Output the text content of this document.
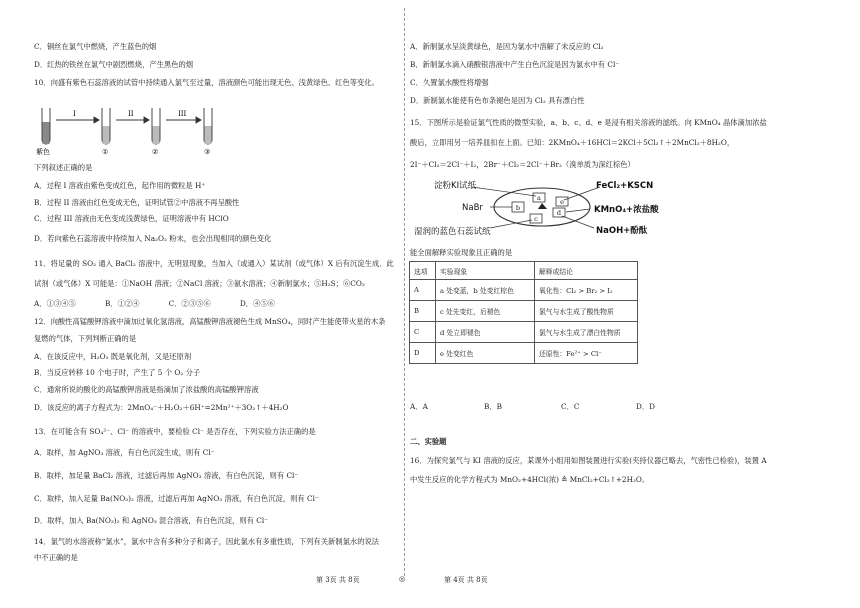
C．铜丝在氯气中燃烧，产生蓝色的烟
D．红热的铁丝在氯气中剧烈燃烧，产生黑色的烟
10．向盛有紫色石蕊溶液的试管中持续通入氯气至过量，溶液颜色可能出现无色、浅黄绿色、红色等变化。
I	II	III
紫色	①	②	③
下列叙述正确的是
A．过程 I 溶液由紫色变成红色，起作用的微粒是 H⁺
B．过程 II 溶液由红色变成无色，证明试管②中溶液不再呈酸性
C．过程 III 溶液由无色变成浅黄绿色，证明溶液中有 HClO
D．若向紫色石蕊溶液中持续加入 Na₂O₂ 粉末，也会出现相同的颜色变化
11．将足量的 SO₂ 通入 BaCl₂ 溶液中，无明显现象，当加入（或通入）某试剂（或气体）X 后有沉淀生成．此
试剂（或气体）X 可能是：①NaOH 溶液；②NaCl 溶液；③氨水溶液；④新制氯水；⑤H₂S；⑥CO₂
A．①③④⑤　　　　B．①②④　　　　C．②③⑤⑥　　　　D．④⑤⑥
12．向酸性高锰酸钾溶液中滴加过氧化氢溶液，高锰酸钾溶液褪色生成 MnSO₄，同时产生能使带火星的木条
复燃的气体，下列判断正确的是
A．在该反应中，H₂O₂ 既是氧化剂，又是还原剂
B．当反应转移 10 个电子时，产生了 5 个 O₂ 分子
C．通常所说的酸化的高锰酸钾溶液是指滴加了浓盐酸的高锰酸钾溶液
D．该反应的离子方程式为：2MnO₄⁻＋H₂O₂＋6H⁺=2Mn²⁺＋3O₂↑＋4H₂O
13．在可能含有 SO₄²⁻、Cl⁻ 的溶液中，要检验 Cl⁻ 是否存在，下列实验方法正确的是
A．取样，加 AgNO₃ 溶液，有白色沉淀生成，则有 Cl⁻
B．取样，加足量 BaCl₂ 溶液，过滤后再加 AgNO₃ 溶液，有白色沉淀，则有 Cl⁻
C．取样，加入足量 Ba(NO₃)₂ 溶液，过滤后再加 AgNO₃ 溶液，有白色沉淀，则有 Cl⁻
D．取样，加入 Ba(NO₃)₂ 和 AgNO₃ 混合溶液，有白色沉淀，则有 Cl⁻
14．氯气的水溶液称“氯水”，氯水中含有多种分子和离子，因此氯水有多重性质，下列有关新制氯水的说法
中不正确的是
A．新制氯水呈淡黄绿色，是因为氯水中溶解了未反应的 Cl₂
B．新制氯水滴入硝酸银溶液中产生白色沉淀是因为氯水中有 Cl⁻
C．久置氯水酸性将增强
D．新制氯水能使有色布条褪色是因为 Cl₂ 具有漂白性
15．下图所示是验证氯气性质的微型实验，a、b、c、d、e 是浸有相关溶液的滤纸。向 KMnO₄ 晶体滴加浓盐
酸后，立即用另一培养皿扣在上面。已知：2KMnO₄＋16HCl＝2KCl＋5Cl₂↑＋2MnCl₂＋8H₂O，
2I⁻＋Cl₂＝2Cl⁻＋I₂，2Br⁻＋Cl₂＝2Cl⁻＋Br₂（溴单质为深红棕色）
b
a	e
d
c
淀粉KI试纸	FeCl₂+KSCN
NaBr	KMnO₄+浓盐酸
湿润的蓝色石蕊试纸	NaOH+酚酞
能全面解释实验现象且正确的是
选项	实验现象	解释或结论
A	a 处变蓝，b 处变红棕色	氧化性：Cl₂ > Br₂ > I₂
B	c 处先变红，后褪色	氯气与水生成了酸性物质
C	d 处立即褪色	氯气与水生成了漂白性物质
D	e 处变红色	还原性：Fe²⁺ > Cl⁻
A．A	B．B	C．C	D．D
二、实验题
16．为探究氯气与 KI 溶液的反应，某课外小组用如图装置进行实验(夹持仪器已略去，气密性已检验)，装置 A
中发生反应的化学方程式为 MnO₂+4HCl(浓) ≜ MnCl₂+Cl₂↑+2H₂O。
第 3页 共 8页	◎	第 4页 共 8页
